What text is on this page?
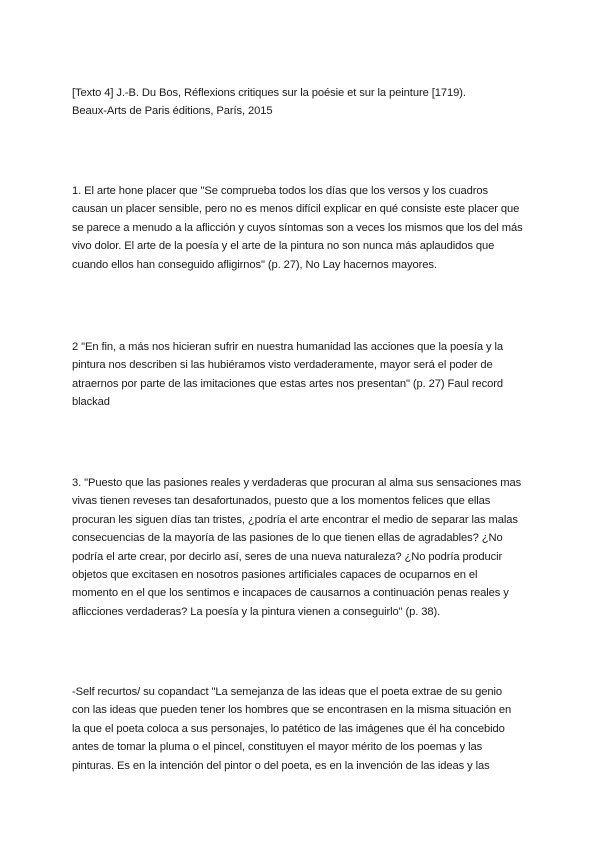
[Texto 4] J.-B. Du Bos, Réflexions critiques sur la poésie et sur la peinture [1719).
Beaux-Arts de Paris éditions, París, 2015
1. El arte hone placer que "Se comprueba todos los días que los versos y los cuadros
causan un placer sensible, pero no es menos difícil explicar en qué consiste este placer que
se parece a menudo a la aflicción y cuyos síntomas son a veces los mismos que los del más
vivo dolor. El arte de la poesía y el arte de la pintura no son nunca más aplaudidos que
cuando ellos han conseguido afligirnos" (p. 27), No Lay hacernos mayores.
2 "En fin, a más nos hicieran sufrir en nuestra humanidad las acciones que la poesía y la
pintura nos describen si las hubiéramos visto verdaderamente, mayor será el poder de
atraernos por parte de las imitaciones que estas artes nos presentan" (p. 27) Faul record
blackad
3. "Puesto que las pasiones reales y verdaderas que procuran al alma sus sensaciones mas
vivas tienen reveses tan desafortunados, puesto que a los momentos felices que ellas
procuran les siguen días tan tristes, ¿podría el arte encontrar el medio de separar las malas
consecuencias de la mayoría de las pasiones de lo que tienen ellas de agradables? ¿No
podría el arte crear, por decirlo así, seres de una nueva naturaleza? ¿No podría producir
objetos que excitasen en nosotros pasiones artificiales capaces de ocuparnos en el
momento en el que los sentimos e incapaces de causarnos a continuación penas reales y
aflicciones verdaderas? La poesía y la pintura vienen a conseguirlo" (p. 38).
-Self recurtos/ su copandact "La semejanza de las ideas que el poeta extrae de su genio
con las ideas que pueden tener los hombres que se encontrasen en la misma situación en
la que el poeta coloca a sus personajes, lo patético de las imágenes que él ha concebido
antes de tomar la pluma o el pincel, constituyen el mayor mérito de los poemas y las
pinturas. Es en la intención del pintor o del poeta, es en la invención de las ideas y las
